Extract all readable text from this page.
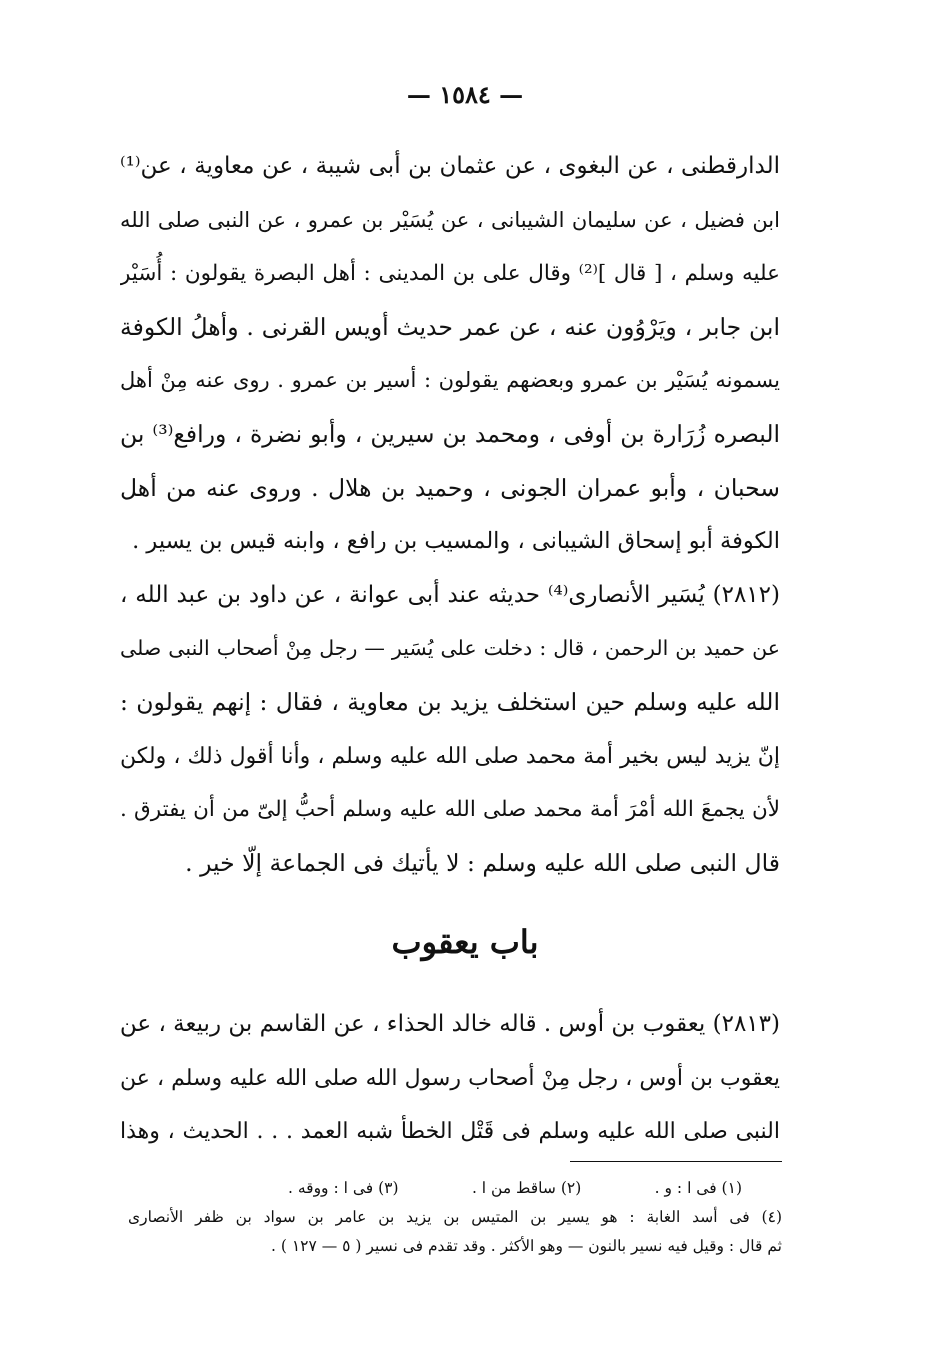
— ١٥٨٤ —
الدارقطنى ، عن البغوى ، عن عثمان بن أبى شيبة ، عن معاوية ، عن⁽¹⁾
ابن فضيل ، عن سليمان الشيبانى ، عن يُسَيْر بن عمرو ، عن النبى صلى الله
عليه وسلم ، [ قال ]⁽²⁾ وقال على بن المدينى : أهل البصرة يقولون : أُسَيْر
ابن جابر ، ويَرْوُون عنه ، عن عمر حديث أويس القرنى . وأهلُ الكوفة
يسمونه يُسَيْر بن عمرو وبعضهم يقولون : أسير بن عمرو . روى عنه مِنْ أهل
البصره زُرَارة بن أوفى ، ومحمد بن سيرين ، وأبو نضرة ، ورافع⁽³⁾ بن
سحبان ، وأبو عمران الجونى ، وحميد بن هلال . وروى عنه من أهل
الكوفة أبو إسحاق الشيبانى ، والمسيب بن رافع ، وابنه قيس بن يسير .
(٢٨١٢) يُسَير الأنصارى⁽⁴⁾ حديثه عند أبى عوانة ، عن داود بن عبد الله ،
عن حميد بن الرحمن ، قال : دخلت على يُسَير — رجل مِنْ أصحاب النبى صلى
الله عليه وسلم حين استخلف يزيد بن معاوية ، فقال : إنهم يقولون :
إنّ يزيد ليس بخير أمة محمد صلى الله عليه وسلم ، وأنا أقول ذلك ، ولكن
لأن يجمعَ الله أمْرَ أمة محمد صلى الله عليه وسلم أحبُّ إلىّ من أن يفترق .
قال النبى صلى الله عليه وسلم : لا يأتيك فى الجماعة إلّا خير .
باب يعقوب
(٢٨١٣) يعقوب بن أوس . قاله خالد الحذاء ، عن القاسم بن ربيعة ، عن
يعقوب بن أوس ، رجل مِنْ أصحاب رسول الله صلى الله عليه وسلم ، عن
النبى صلى الله عليه وسلم فى قَتْل الخطأ شبه العمد . . . الحديث ، وهذا
(١) فى ا : و .
(٢) ساقط من ا .
(٣) فى ا : ووقه .
(٤) فى أسد الغابة : هو يسير بن المتيس بن يزيد بن عامر بن سواد بن ظفر الأنصارى
ثم قال : وقيل فيه نسير بالنون — وهو الأكثر . وقد تقدم فى نسير ( ٥ — ١٢٧ ) .
